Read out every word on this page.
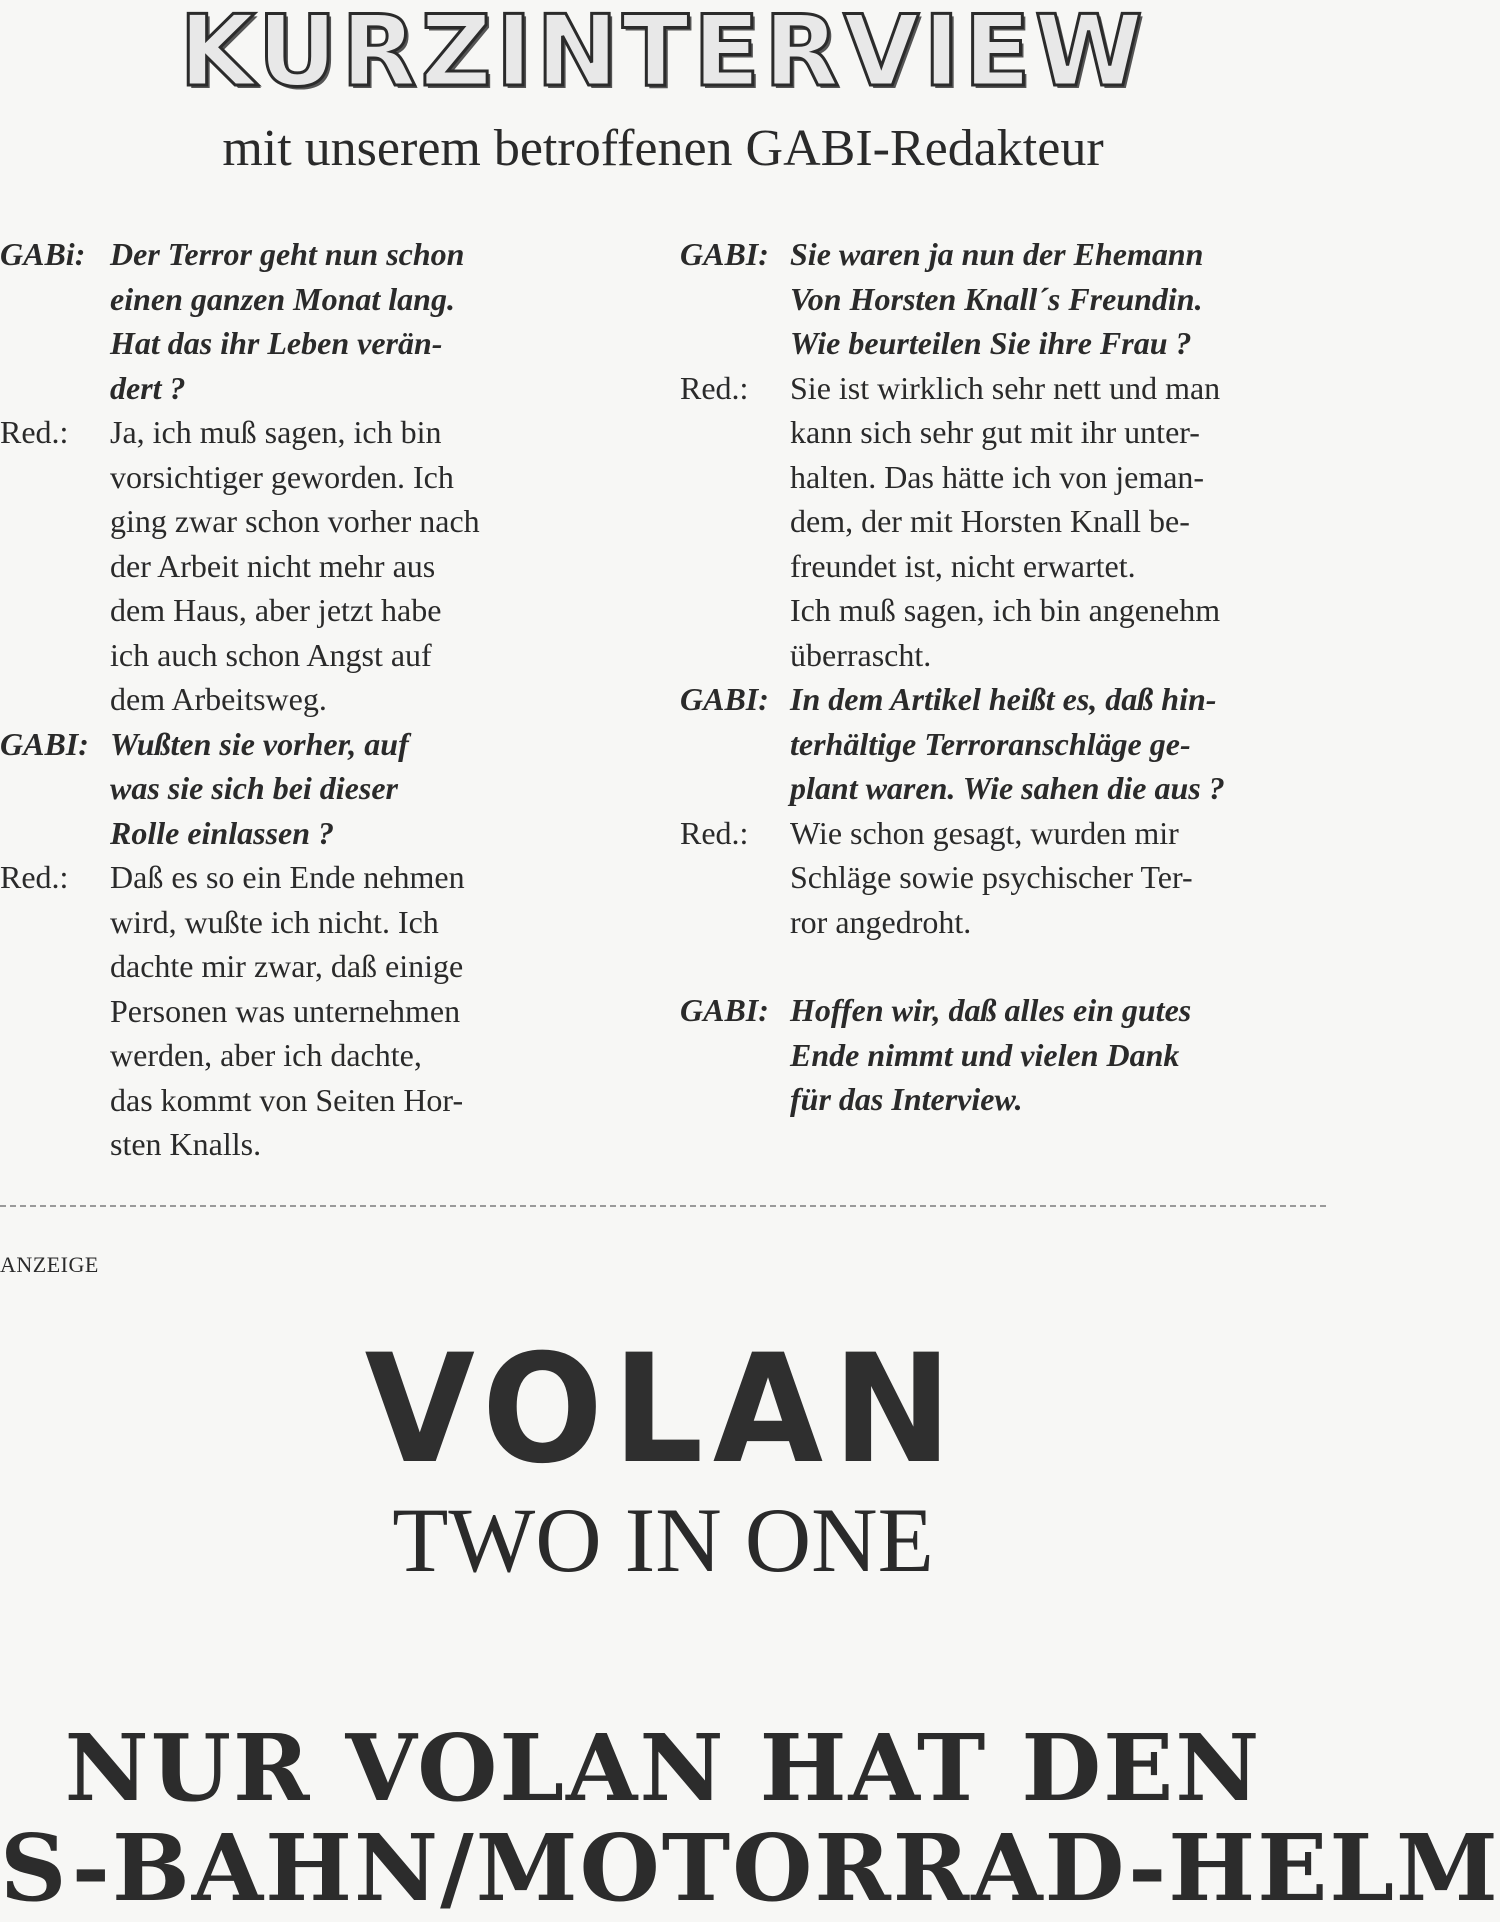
KURZINTERVIEW
mit unserem betroffenen GABI-Redakteur
GABi: Der Terror geht nun schon
einen ganzen Monat lang.
Hat das ihr Leben verän-
dert ?
Red.:	Ja, ich muß sagen, ich bin
vorsichtiger geworden. Ich
ging zwar schon vorher nach
der Arbeit nicht mehr aus
dem Haus, aber jetzt habe
ich auch schon Angst auf
dem Arbeitsweg.
GABI: Wußten sie vorher, auf
was sie sich bei dieser
Rolle einlassen ?
Red.:	Daß es so ein Ende nehmen
wird, wußte ich nicht. Ich
dachte mir zwar, daß einige
Personen was unternehmen
werden, aber ich dachte,
das kommt von Seiten Hor-
sten Knalls.
GABI: Sie waren ja nun der Ehemann
Von Horsten Knall´s Freundin.
Wie beurteilen Sie ihre Frau ?
Red.:	Sie ist wirklich sehr nett und man
kann sich sehr gut mit ihr unter-
halten. Das hätte ich von jeman-
dem, der mit Horsten Knall be-
freundet ist, nicht erwartet.
Ich muß sagen, ich bin angenehm
überrascht.
GABI: In dem Artikel heißt es, daß hin-
terhältige Terroranschläge ge-
plant waren. Wie sahen die aus ?
Red.:	Wie schon gesagt, wurden mir
Schläge sowie psychischer Ter-
ror angedroht.
GABI: Hoffen wir, daß alles ein gutes
Ende nimmt und vielen Dank
für das Interview.
ANZEIGE
VOLAN
TWO IN ONE
NUR VOLAN HAT DEN
S-BAHN/MOTORRAD-HELM
